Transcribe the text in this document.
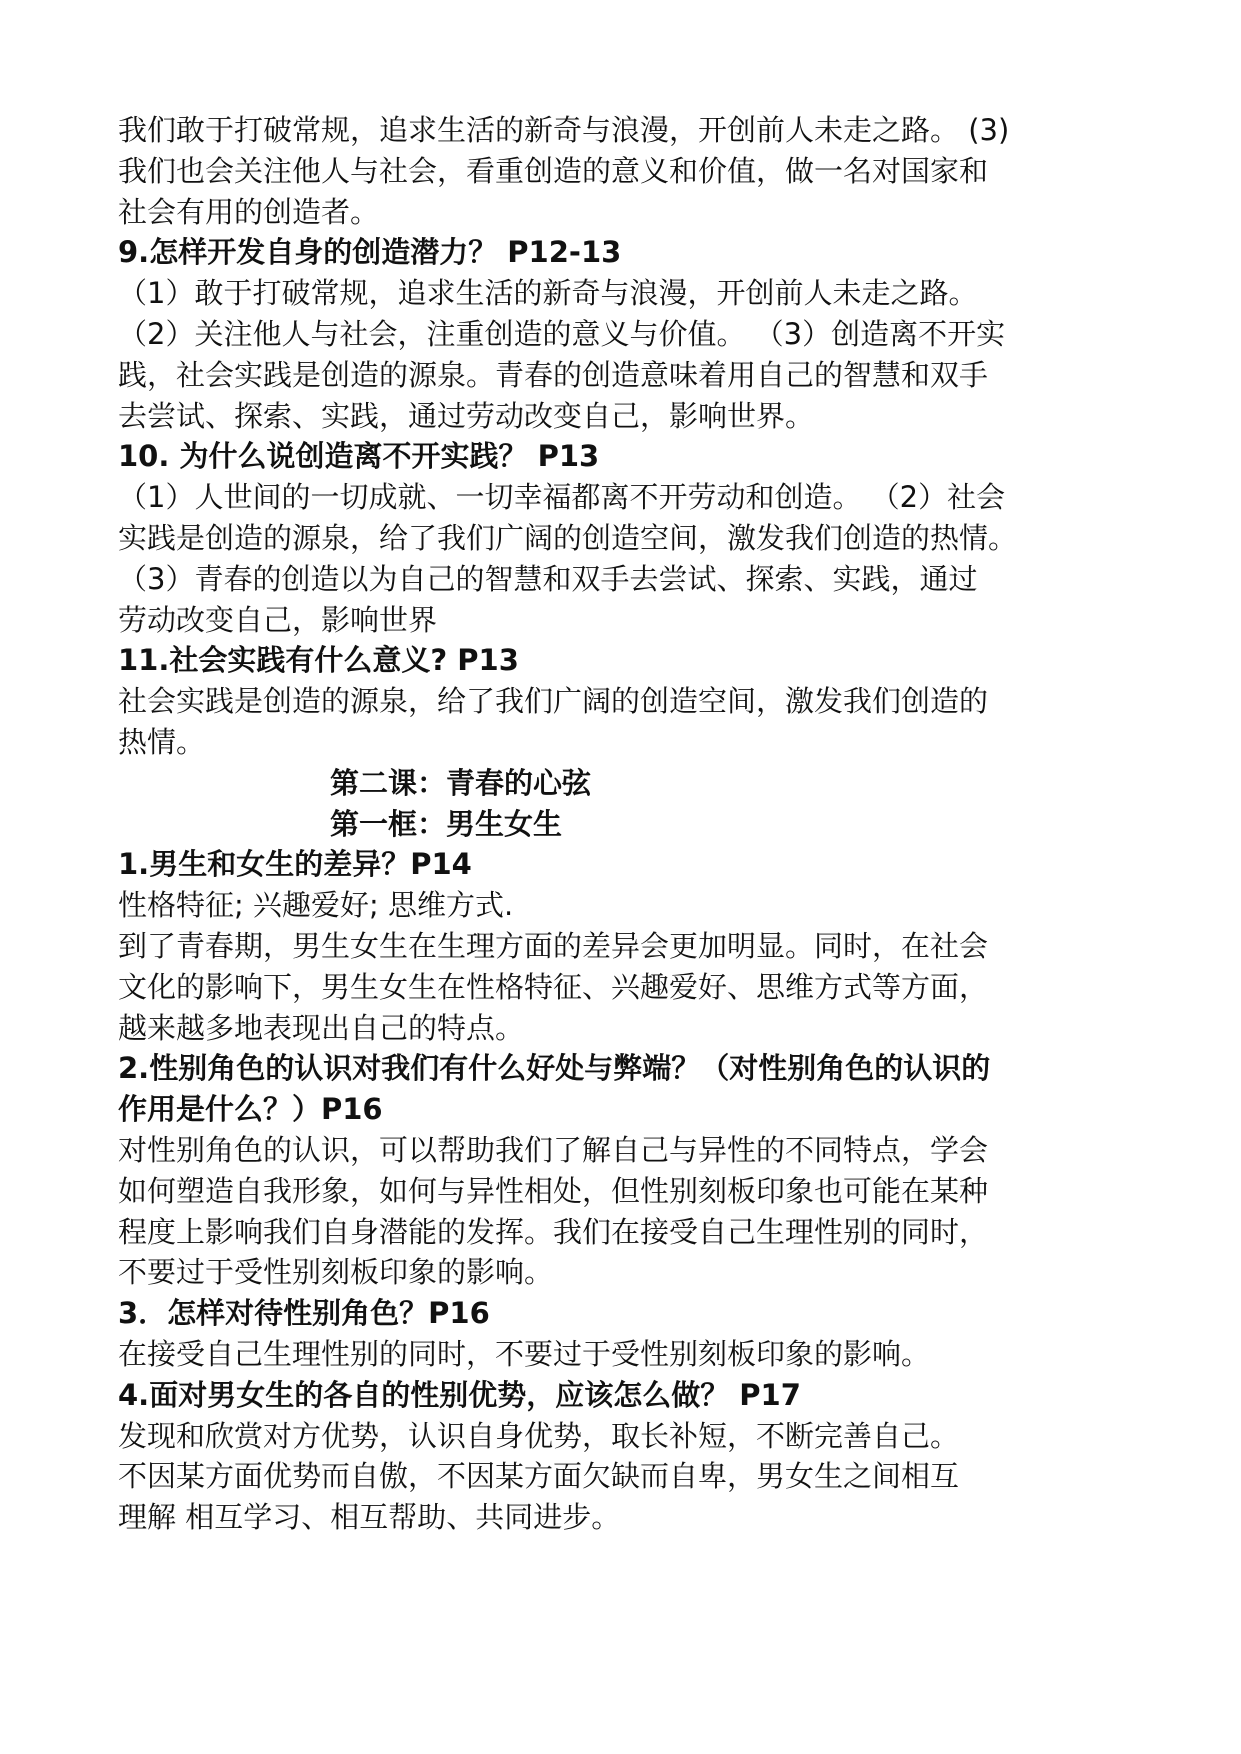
我们敢于打破常规，追求生活的新奇与浪漫，开创前人未走之路。 (3)
我们也会关注他人与社会，看重创造的意义和价值，做一名对国家和
社会有用的创造者。
9.怎样开发自身的创造潜力？ P12-13
（1）敢于打破常规，追求生活的新奇与浪漫，开创前人未走之路。
（2）关注他人与社会，注重创造的意义与价值。 （3）创造离不开实
践，社会实践是创造的源泉。青春的创造意味着用自己的智慧和双手
去尝试、探索、实践，通过劳动改变自己，影响世界。
10. 为什么说创造离不开实践？ P13
（1）人世间的一切成就、一切幸福都离不开劳动和创造。 （2）社会
实践是创造的源泉，给了我们广阔的创造空间，激发我们创造的热情。
（3）青春的创造以为自己的智慧和双手去尝试、探索、实践，通过
劳动改变自己，影响世界
11.社会实践有什么意义? P13
社会实践是创造的源泉，给了我们广阔的创造空间，激发我们创造的
热情。
第二课：青春的心弦
第一框：男生女生
1.男生和女生的差异？P14
性格特征; 兴趣爱好; 思维方式.
到了青春期，男生女生在生理方面的差异会更加明显。同时，在社会
文化的影响下，男生女生在性格特征、兴趣爱好、思维方式等方面，
越来越多地表现出自己的特点。
2.性别角色的认识对我们有什么好处与弊端？（对性别角色的认识的
作用是什么？）P16
对性别角色的认识，可以帮助我们了解自己与异性的不同特点，学会
如何塑造自我形象，如何与异性相处，但性别刻板印象也可能在某种
程度上影响我们自身潜能的发挥。我们在接受自己生理性别的同时，
不要过于受性别刻板印象的影响。
3．怎样对待性别角色？P16
在接受自己生理性别的同时，不要过于受性别刻板印象的影响。
4.面对男女生的各自的性别优势，应该怎么做？ P17
发现和欣赏对方优势，认识自身优势，取长补短，不断完善自己。
不因某方面优势而自傲，不因某方面欠缺而自卑，男女生之间相互
理解 相互学习、相互帮助、共同进步。
